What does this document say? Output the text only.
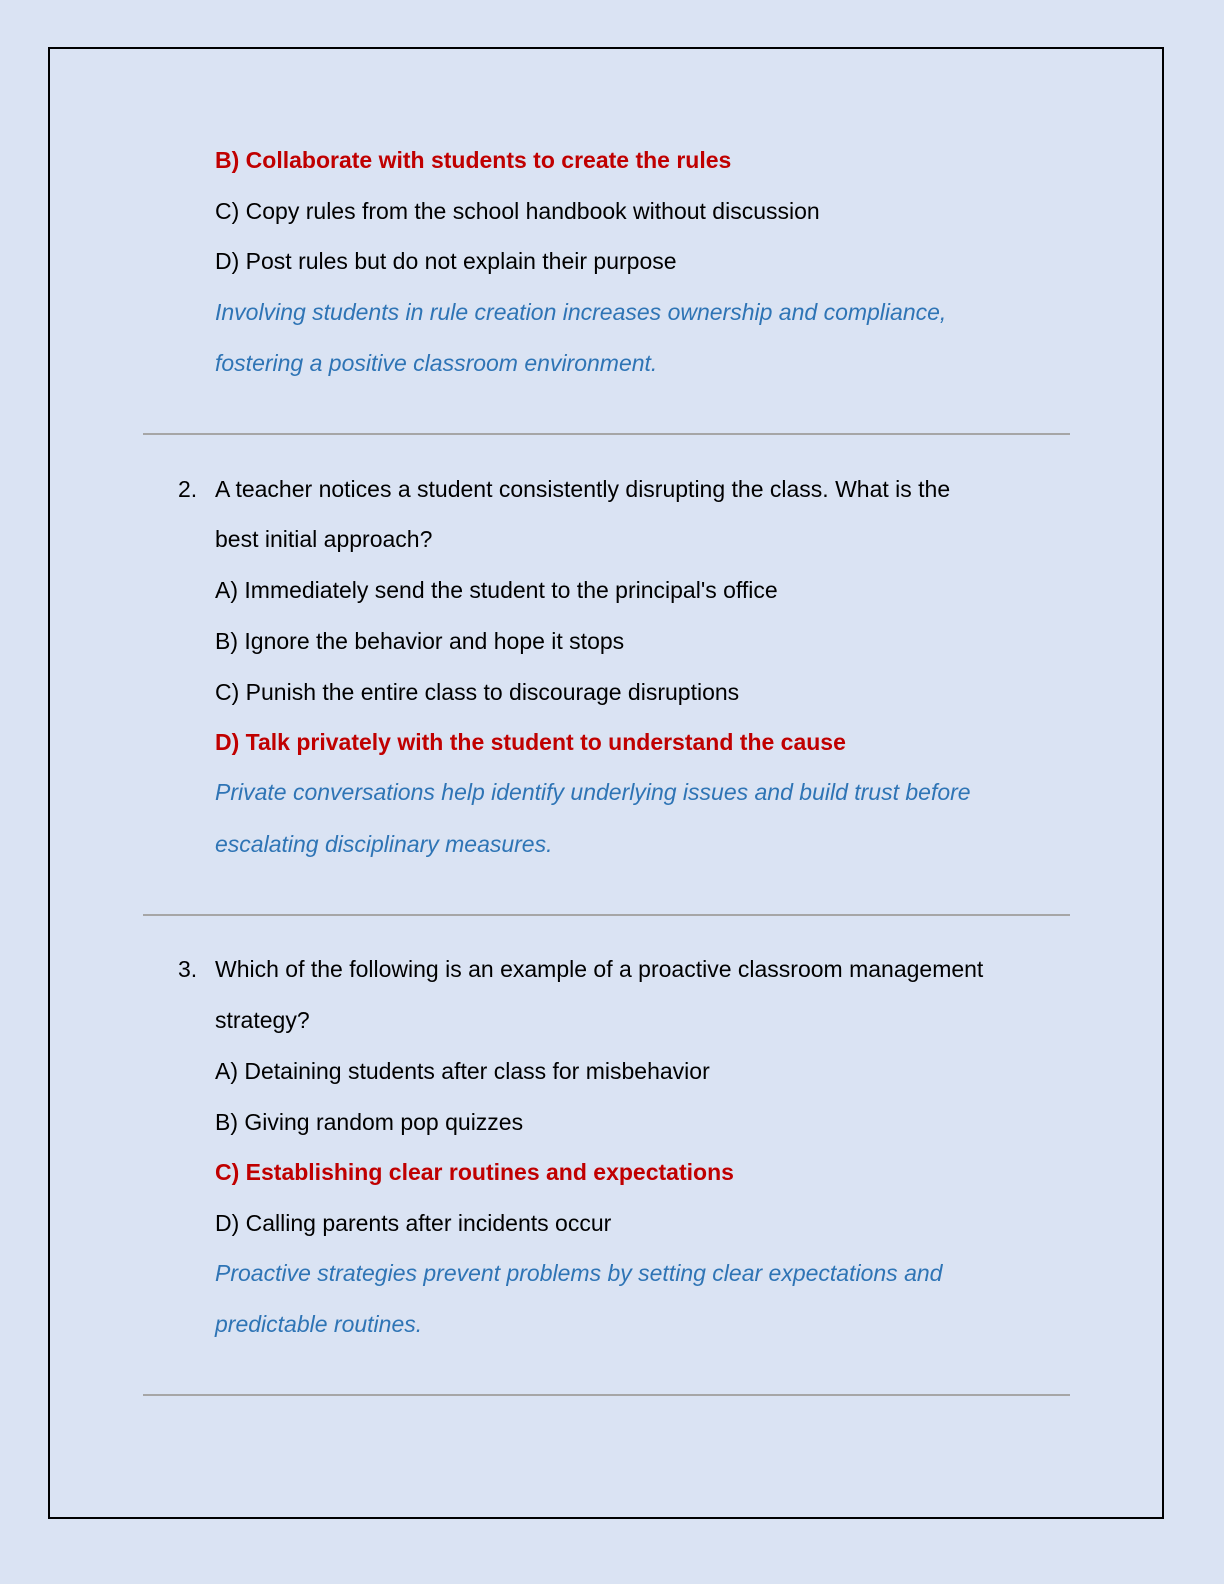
B) Collaborate with students to create the rules
C) Copy rules from the school handbook without discussion
D) Post rules but do not explain their purpose
Involving students in rule creation increases ownership and compliance,
fostering a positive classroom environment.
2. A teacher notices a student consistently disrupting the class. What is the
best initial approach?
A) Immediately send the student to the principal's office
B) Ignore the behavior and hope it stops
C) Punish the entire class to discourage disruptions
D) Talk privately with the student to understand the cause
Private conversations help identify underlying issues and build trust before
escalating disciplinary measures.
3. Which of the following is an example of a proactive classroom management
strategy?
A) Detaining students after class for misbehavior
B) Giving random pop quizzes
C) Establishing clear routines and expectations
D) Calling parents after incidents occur
Proactive strategies prevent problems by setting clear expectations and
predictable routines.
